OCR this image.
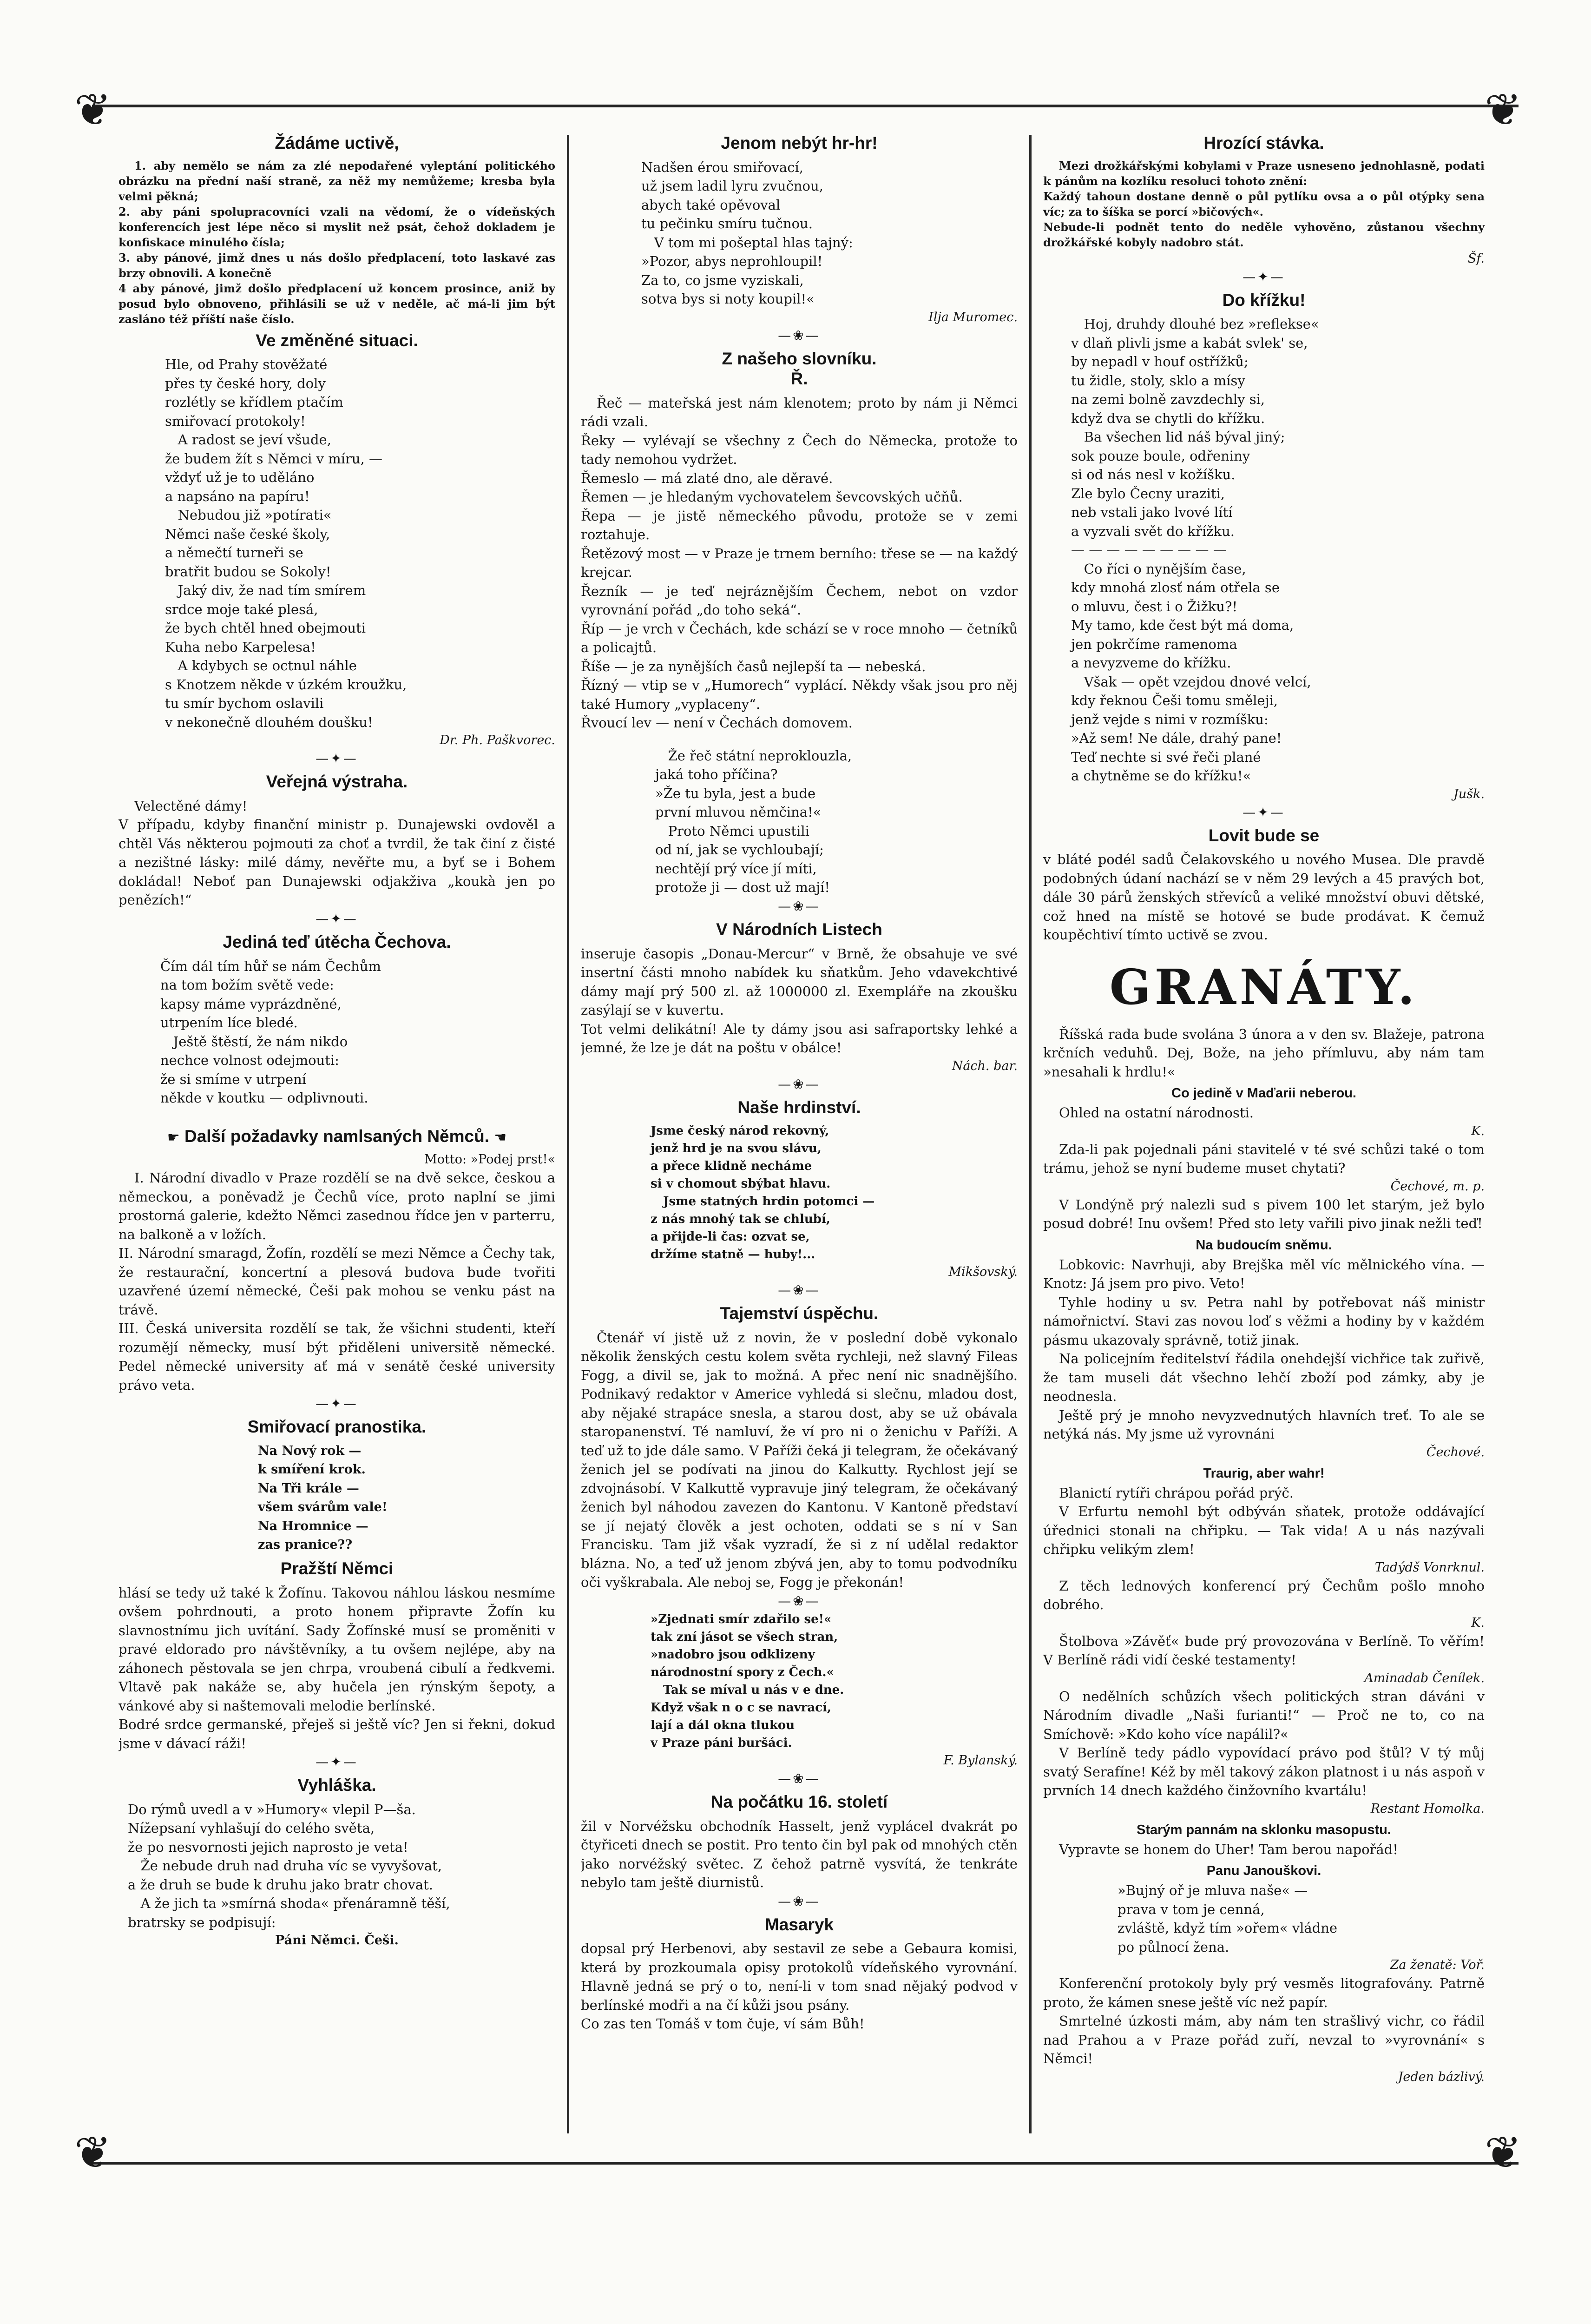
❦	❦
❦	❦
Žádáme uctivě,

1. aby nemělo se nám za zlé nepodařené vyleptání politického obrázku na přední naší straně, za něž my nemůžeme; kresba byla velmi pěkná;
2. aby páni spolupracovníci vzali na vědomí, že o vídeňských konferencích jest lépe něco si myslit než psát, čehož dokladem je konfiskace minulého čísla;
3. aby pánové, jimž dnes u nás došlo předplacení, toto laskavé zas brzy obnovili. A konečně
4 aby pánové, jimž došlo předplacení už koncem prosince, aniž by posud bylo obnoveno, přihlásili se už v neděle, ač má-li jim být zasláno též příští naše číslo.

Ve změněné situaci.
Hle, od Prahy stověžaté
přes ty české hory, doly
rozlétly se křídlem ptačím
smiřovací protokoly!
A radost se jeví všude,
že budem žít s Němci v míru, —
vždyť už je to uděláno
a napsáno na papíru!
Nebudou již »potírati«
Němci naše české školy,
a němečtí turneři se
bratřit budou se Sokoly!
Jaký div, že nad tím smírem
srdce moje také plesá,
že bych chtěl hned obejmouti
Kuha nebo Karpelesa!
A kdybych se octnul náhle
s Knotzem někde v úzkém kroužku,
tu smír bychom oslavili
v nekonečně dlouhém doušku!
Dr. Ph. Paškvorec.
—✦—
Veřejná výstraha.

Velectěné dámy!
V případu, kdyby finanční ministr p. Dunajewski ovdověl a chtěl Vás některou pojmouti za choť a tvrdil, že tak činí z čisté a nezištné lásky: milé dámy, nevěřte mu, a byť se i Bohem dokládal! Neboť pan Dunajewski odjakživa „koukà jen po penězích!“

—✦—
Jediná teď útěcha Čechova.
Čím dál tím hůř se nám Čechům
na tom božím světě vede:
kapsy máme vyprázdněné,
utrpením líce bledé.
Ještě štěstí, že nám nikdo
nechce volnost odejmouti:
že si smíme v utrpení
někde v koutku — odplivnouti.
☛ Další požadavky namlsaných Němců. ☚
Motto: »Podej prst!«

I. Národní divadlo v Praze rozdělí se na dvě sekce, českou a německou, a poněvadž je Čechů více, proto naplní se jimi prostorná galerie, kdežto Němci zasednou řídce jen v parterru, na balkoně a v ložích.
II. Národní smaragd, Žofín, rozdělí se mezi Němce a Čechy tak, že restaurační, koncertní a plesová budova bude tvořiti uzavřené území německé, Češi pak mohou se venku pást na trávě.
III. Česká universita rozdělí se tak, že všichni studenti, kteří rozumějí německy, musí být přiděleni universitě německé. Pedel německé university ať má v senátě české university právo veta.

—✦—
Smiřovací pranostika.
Na Nový rok —
k smíření krok.
Na Tři krále —
všem svárům vale!
Na Hromnice —
zas pranice??
Pražští Němci

hlásí se tedy už také k Žofínu. Takovou náhlou láskou nesmíme ovšem pohrdnouti, a proto honem připravte Žofín ku slavnostnímu jich uvítání. Sady Žofínské musí se proměniti v pravé eldorado pro návštěvníky, a tu ovšem nejlépe, aby na záhonech pěstovala se jen chrpa, vroubená cibulí a ředkvemi. Vltavě pak nakáže se, aby hučela jen rýnským šepoty, a vánkové aby si naštemovali melodie berlínské.
Bodré srdce germanské, přeješ si ještě víc? Jen si řekni, dokud jsme v dávací ráži!

—✦—
Vyhláška.
Do rýmů uvedl a v »Humory« vlepil P—ša.
Nížepsaní vyhlašují do celého světa,
že po nesvornosti jejich naprosto je veta!
Že nebude druh nad druha víc se vyvyšovat,
a že druh se bude k druhu jako bratr chovat.
A že jich ta »smírná shoda« přenáramně těší,
bratrsky se podpisují:
Páni Němci. Češi.
Jenom nebýt hr-hr!
Nadšen érou smiřovací,
už jsem ladil lyru zvučnou,
abych také opěvoval
tu pečinku smíru tučnou.
V tom mi pošeptal hlas tajný:
»Pozor, abys neprohloupil!
Za to, co jsme vyziskali,
sotva bys si noty koupil!«
Ilja Muromec.
—❀—
Z našeho slovníku.
Ř.

Řeč — mateřská jest nám klenotem; proto by nám ji Němci rádi vzali.
Řeky — vylévají se všechny z Čech do Německa, protože to tady nemohou vydržet.
Řemeslo — má zlaté dno, ale děravé.
Řemen — je hledaným vychovatelem ševcovských učňů.
Řepa — je jistě německého původu, protože se v zemi roztahuje.
Řetězový most — v Praze je trnem berního: třese se — na každý krejcar.
Řezník — je teď nejráznějším Čechem, nebot on vzdor vyrovnání pořád „do toho seká“.
Říp — je vrch v Čechách, kde schází se v roce mnoho — četníků a policajtů.
Říše — je za nynějších časů nejlepší ta — nebeská.
Řízný — vtip se v „Humorech“ vyplácí. Někdy však jsou pro něj také Humory „vyplaceny“.
Řvoucí lev — není v Čechách domovem.

Že řeč státní neproklouzla,
jaká toho příčina?
»Že tu byla, jest a bude
první mluvou němčina!«
Proto Němci upustili
od ní, jak se vychloubají;
nechtějí prý více jí míti,
protože ji — dost už mají!
—❀—
V Národních Listech

inseruje časopis „Donau-Mercur“ v Brně, že obsahuje ve své insertní části mnoho nabídek ku sňatkům. Jeho vdavekchtivé dámy mají prý 500 zl. až 1000000 zl. Exempláře na zkoušku zasýlají se v kuvertu.
Tot velmi delikátní! Ale ty dámy jsou asi safraportsky lehké a jemné, že lze je dát na poštu v obálce!

Nách. bar.
—❀—
Naše hrdinství.
Jsme český národ rekovný,
jenž hrd je na svou slávu,
a přece klidně necháme
si v chomout sbýbat hlavu.
Jsme statných hrdin potomci —
z nás mnohý tak se chlubí,
a přijde-li čas: ozvat se,
držíme statně — huby!...
Mikšovský.
—❀—
Tajemství úspěchu.

Čtenář ví jistě už z novin, že v poslední době vykonalo několik ženských cestu kolem světa rychleji, než slavný Fileas Fogg, a divil se, jak to možná. A přec není nic snadnějšího. Podnikavý redaktor v Americe vyhledá si slečnu, mladou dost, aby nějaké strapáce snesla, a starou dost, aby se už obávala staropanenství. Té namluví, že ví pro ni o ženichu v Paříži. A teď už to jde dále samo. V Paříži čeká ji telegram, že očekávaný ženich jel se podívati na jinou do Kalkutty. Rychlost její se zdvojnásobí. V Kalkuttě vypravuje jiný telegram, že očekávaný ženich byl náhodou zavezen do Kantonu. V Kantoně představí se jí nejatý člověk a jest ochoten, oddati se s ní v San Francisku. Tam již však vyzradí, že si z ní udělal redaktor blázna. No, a teď už jenom zbývá jen, aby to tomu podvodníku oči vyškrabala. Ale neboj se, Fogg je překonán!

—❀—
»Zjednati smír zdařilo se!«
tak zní jásot se všech stran,
»nadobro jsou odklizeny
národnostní spory z Čech.«
Tak se míval u nás v e dne.
Když však n o c se navrací,
lají a dál okna tlukou
v Praze páni buršáci.
F. Bylanský.
—❀—
Na počátku 16. století

žil v Norvéžsku obchodník Hasselt, jenž vyplácel dvakrát po čtyřiceti dnech se postit. Pro tento čin byl pak od mnohých ctěn jako norvéžský světec. Z čehož patrně vysvítá, že tenkráte nebylo tam ještě diurnistů.

—❀—
Masaryk

dopsal prý Herbenovi, aby sestavil ze sebe a Gebaura komisi, která by prozkoumala opisy protokolů vídeňského vyrovnání. Hlavně jedná se prý o to, není-li v tom snad nějaký podvod v berlínské modři a na čí kůži jsou psány.
Co zas ten Tomáš v tom čuje, ví sám Bůh!

Hrozící stávka.

Mezi drožkářskými kobylami v Praze usneseno jednohlasně, podati k pánům na kozlíku resoluci tohoto znění:
Každý tahoun dostane denně o půl pytlíku ovsa a o půl otýpky sena víc; za to šíška se porcí »bičových«.
Nebude-li podnět tento do neděle vyhověno, zůstanou všechny drožkářské kobyly nadobro stát.

Šf.
—✦—
Do křížku!
Hoj, druhdy dlouhé bez »reflekse«
v dlaň plivli jsme a kabát svlek' se,
by nepadl v houf ostřížků;
tu židle, stoly, sklo a mísy
na zemi bolně zavzdechly si,
když dva se chytli do křížku.
Ba všechen lid náš býval jiný;
sok pouze boule, odřeniny
si od nás nesl v kožíšku.
Zle bylo Čecny uraziti,
neb vstali jako lvové lítí
a vyzvali svět do křížku.
— — — — — — — — —
Co říci o nynějším čase,
kdy mnohá zlosť nám otřela se
o mluvu, čest i o Žižku?!
My tamo, kde čest být má doma,
jen pokrčíme ramenoma
a nevyzveme do křížku.
Však — opět vzejdou dnové velcí,
kdy řeknou Češi tomu směleji,
jenž vejde s nimi v rozmíšku:
»Až sem! Ne dále, drahý pane!
Teď nechte si své řeči plané
a chytněme se do křížku!«
Jušk.
—✦—
Lovit bude se

v bláté podél sadů Čelakovského u nového Musea. Dle pravdě podobných údaní nachází se v něm 29 levých a 45 pravých bot, dále 30 párů ženských střevíců a veliké množství obuvi dětské, což hned na místě se hotové se bude prodávat. K čemuž koupěchtiví tímto uctivě se zvou.

GRANÁTY.

Říšská rada bude svolána 3 února a v den sv. Blažeje, patrona krčních veduhů. Dej, Bože, na jeho přímluvu, aby nám tam »nesahali k hrdlu!«

Co jedině v Maďarii neberou.

Ohled na ostatní národnosti.

K.

Zda-li pak pojednali páni stavitelé v té své schůzi také o tom trámu, jehož se nyní budeme muset chytati?

Čechové, m. p.

V Londýně prý nalezli sud s pivem 100 let starým, jež bylo posud dobré! Inu ovšem! Před sto lety vařili pivo jinak nežli teď!

Na budoucím sněmu.

Lobkovic: Navrhuji, aby Brejška měl víc mělnického vína. — Knotz: Já jsem pro pivo. Veto!

Tyhle hodiny u sv. Petra nahl by potřebovat náš ministr námořnictví. Stavi zas novou loď s věžmi a hodiny by v každém pásmu ukazovaly správně, totiž jinak.

Na policejním ředitelství řádila onehdejší vichřice tak zuřivě, že tam museli dát všechno lehčí zboží pod zámky, aby je neodnesla.

Ještě prý je mnoho nevyzvednutých hlavních treť. To ale se netýká nás. My jsme už vyrovnáni

Čechové.
Traurig, aber wahr!

Blanictí rytíři chrápou pořád prýč.

V Erfurtu nemohl být odbýván sňatek, protože oddávající úřednici stonali na chřipku. — Tak vida! A u nás nazývali chřipku velikým zlem!

Tadýdš Vonrknul.

Z těch lednových konferencí prý Čechům pošlo mnoho dobrého.

K.

Štolbova »Závěť« bude prý provozována v Berlíně. To věřím! V Berlíně rádi vidí české testamenty!

Aminadab Čenílek.

O nedělních schůzích všech politických stran dáváni v Národním divadle „Naši furianti!“ — Proč ne to, co na Smíchově: »Kdo koho více napálil?«

V Berlíně tedy pádlo vypovídací právo pod štůl? V tý můj svatý Serafíne! Kéž by měl takový zákon platnost i u nás aspoň v prvních 14 dnech každého činžovního kvartálu!

Restant Homolka.
Starým pannám na sklonku masopustu.

Vypravte se honem do Uher! Tam berou napořád!

Panu Janouškovi.
»Bujný oř je mluva naše« —
prava v tom je cenná,
zvláště, když tím »ořem« vládne
po půlnocí žena.
Za ženatě: Voř.

Konferenční protokoly byly prý vesměs litografovány. Patrně proto, že kámen snese ještě víc než papír.

Smrtelné úzkosti mám, aby nám ten strašlivý vichr, co řádil nad Prahou a v Praze pořád zuří, nevzal to »vyrovnání« s Němci!

Jeden bázlivý.
